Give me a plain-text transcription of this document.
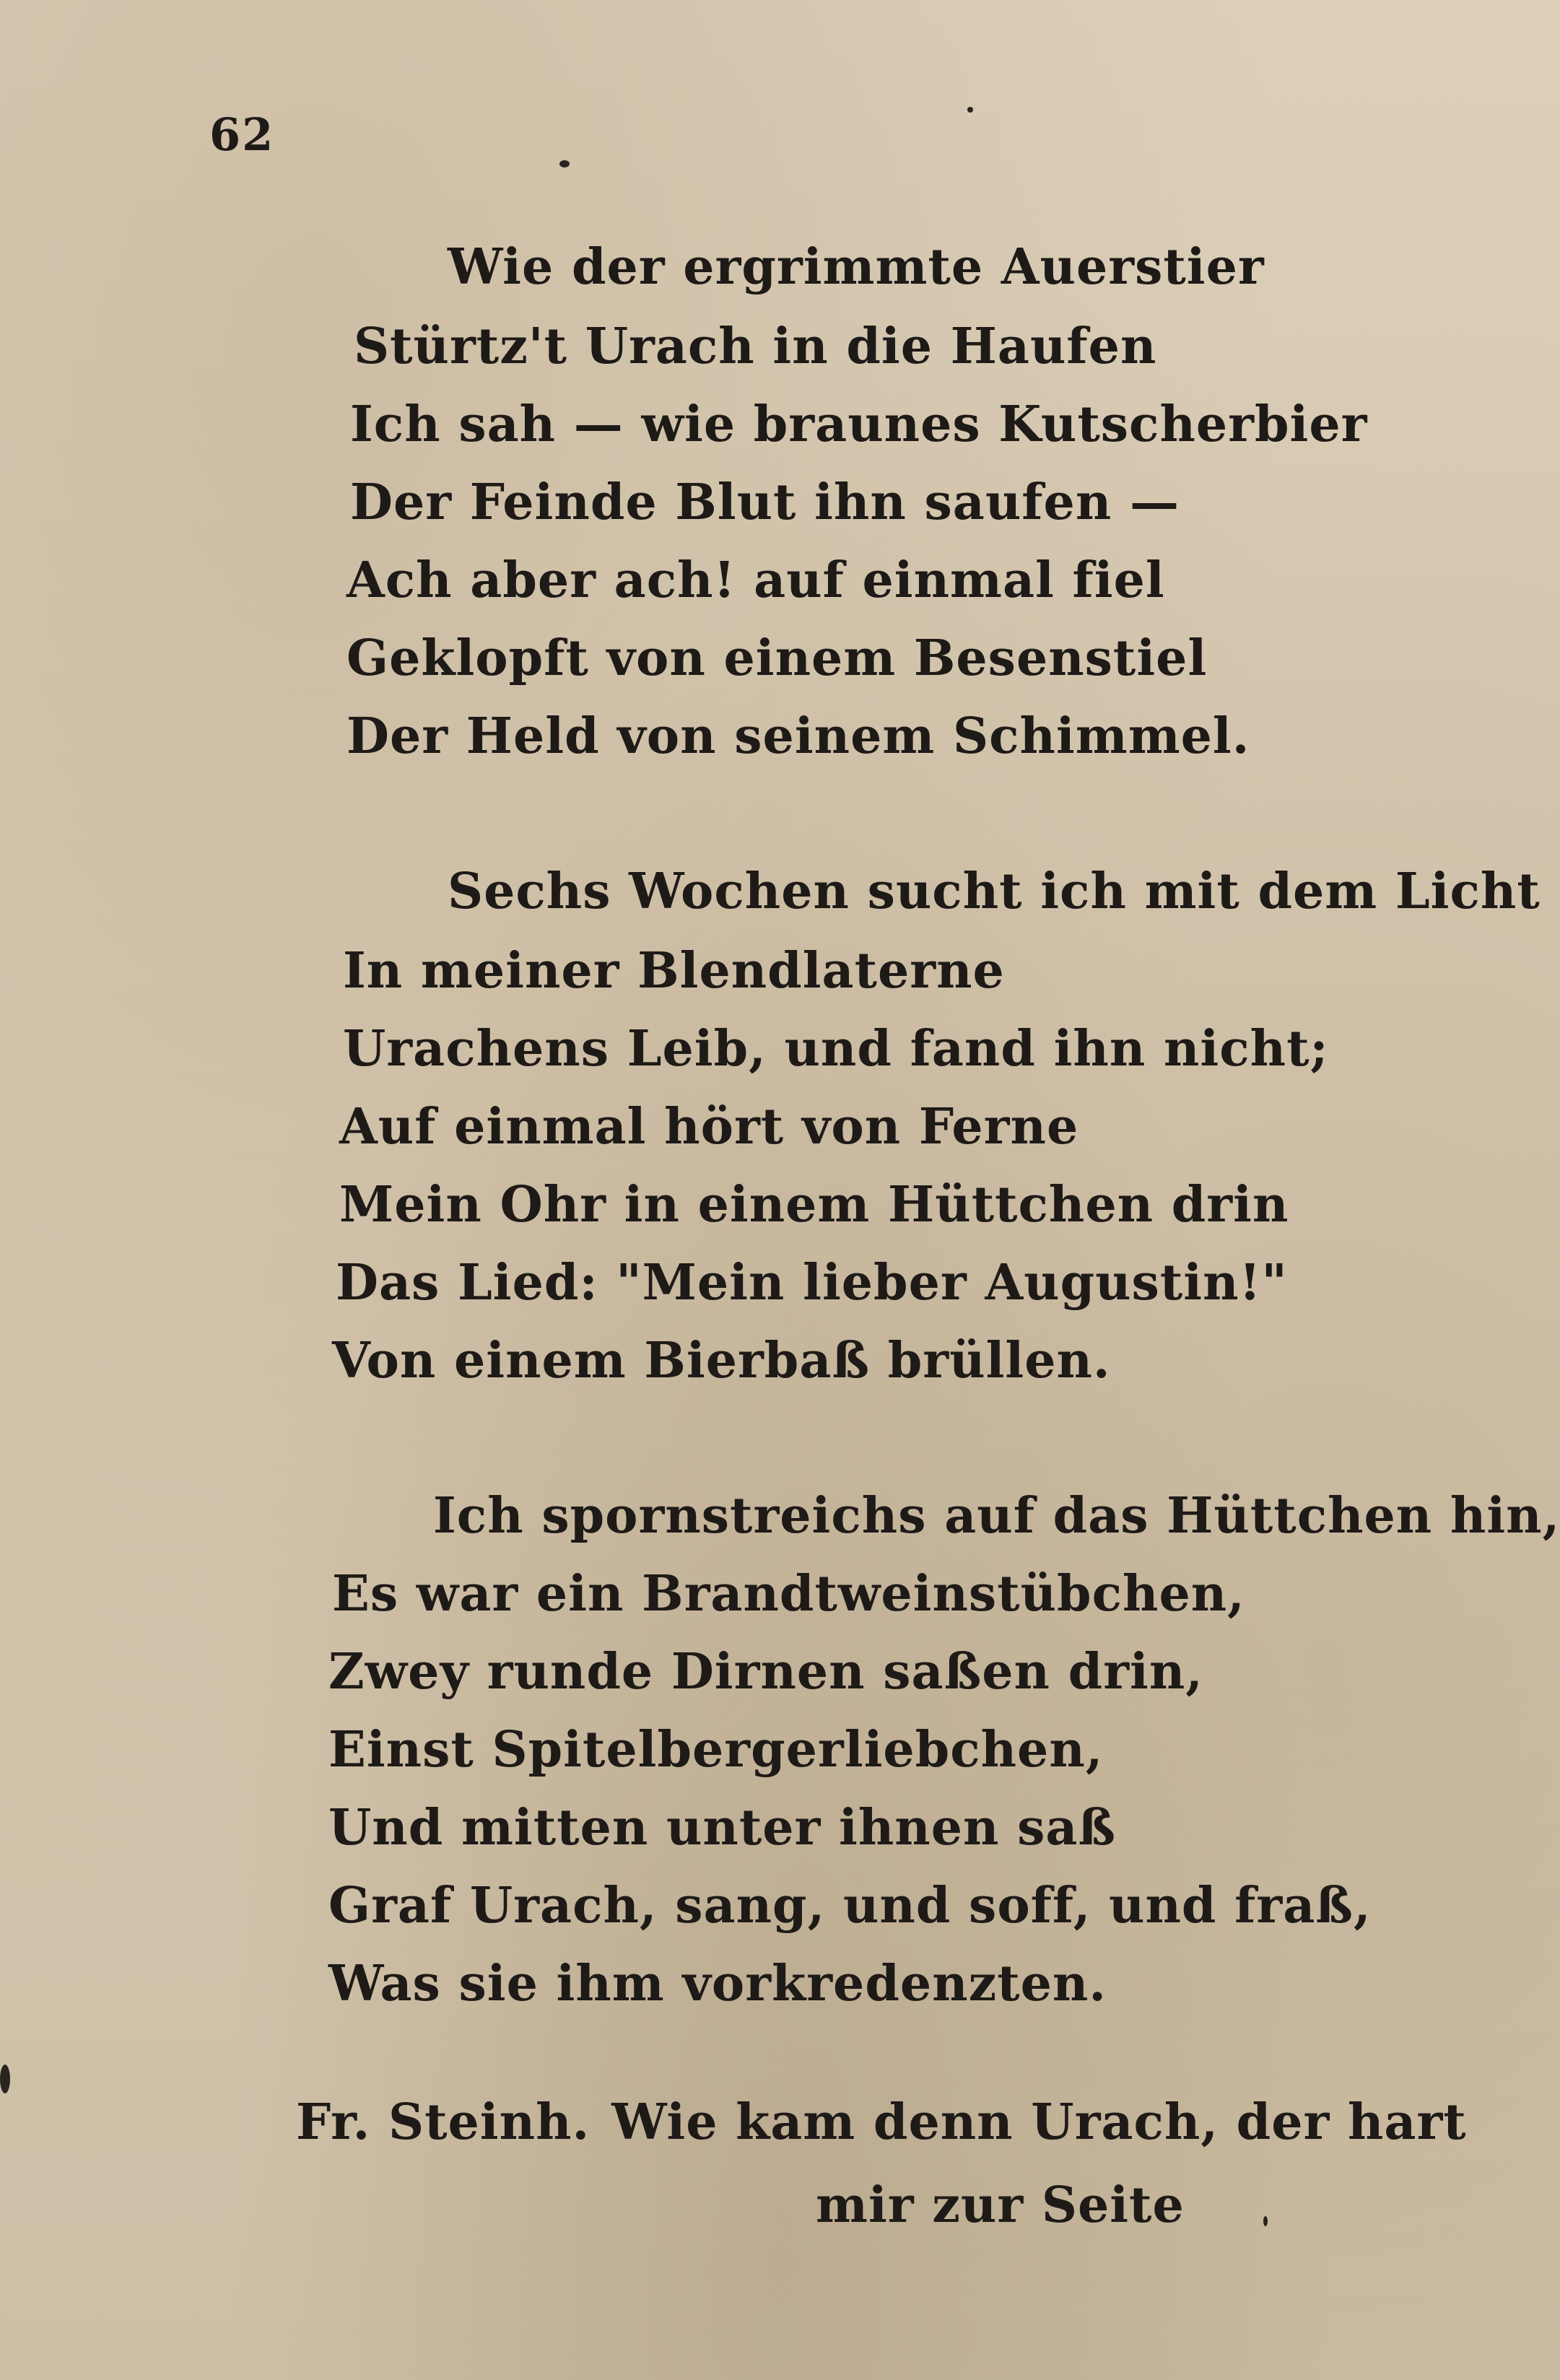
62
Wie der ergrimmte Auerstier
Stürtz't Urach in die Haufen
Ich sah — wie braunes Kutscherbier
Der Feinde Blut ihn saufen —
Ach aber ach! auf einmal fiel
Geklopft von einem Besenstiel
Der Held von seinem Schimmel.
Sechs Wochen sucht ich mit dem Licht
In meiner Blendlaterne
Urachens Leib, und fand ihn nicht;
Auf einmal hört von Ferne
Mein Ohr in einem Hüttchen drin
Das Lied: "Mein lieber Augustin!"
Von einem Bierbaß brüllen.
Ich spornstreichs auf das Hüttchen hin,
Es war ein Brandtweinstübchen,
Zwey runde Dirnen saßen drin,
Einst Spitelbergerliebchen,
Und mitten unter ihnen saß
Graf Urach, sang, und soff, und fraß,
Was sie ihm vorkredenzten.
Fr. Steinh. Wie kam denn Urach, der hart
mir zur Seite
